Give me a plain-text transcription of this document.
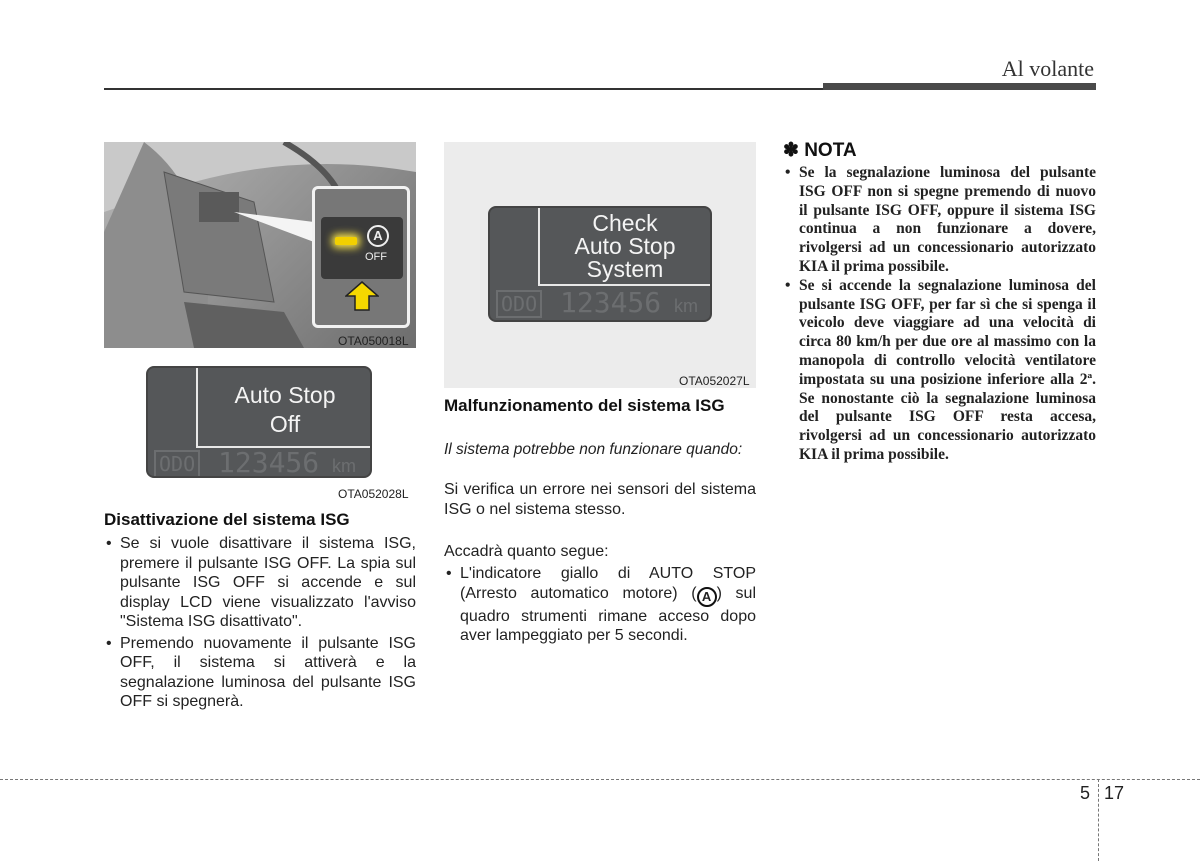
Al volante
A
OFF
OTA050018L
Auto Stop
Off
ODO 123456 km
OTA052028L
Check
Auto Stop
System
ODO 123456 km
OTA052027L
Disattivazione del sistema ISG
• Se si vuole disattivare il sistema ISG, premere il pulsante ISG OFF. La spia sul pulsante ISG OFF si accende e sul display LCD viene visualizzato l'avviso "Sistema ISG disattivato".
• Premendo nuovamente il pulsante ISG OFF, il sistema si attiverà e la segnalazione luminosa del pulsante ISG OFF si spegnerà.
Malfunzionamento del sistema ISG
Il sistema potrebbe non funzionare quando:
Si verifica un errore nei sensori del sistema ISG o nel sistema stesso.
Accadrà quanto segue:
• L'indicatore giallo di AUTO STOP (Arresto automatico motore) ( A ) sul quadro strumenti rimane acceso dopo aver lampeggiato per 5 secondi.
✽ NOTA
• Se la segnalazione luminosa del pulsante ISG OFF non si spegne premendo di nuovo il pulsante ISG OFF, oppure il sistema ISG continua a non funzionare a dovere, rivolgersi ad un concessionario autorizzato KIA il prima possibile.
• Se si accende la segnalazione luminosa del pulsante ISG OFF, per far sì che si spenga il veicolo deve viaggiare ad una velocità di circa 80 km/h per due ore al massimo con la manopola di controllo velocità ventilatore impostata su una posizione inferiore alla 2ª. Se nonostante ciò la segnalazione luminosa del pulsante ISG OFF resta accesa, rivolgersi ad un concessionario autorizzato KIA il prima possibile.
5 17
